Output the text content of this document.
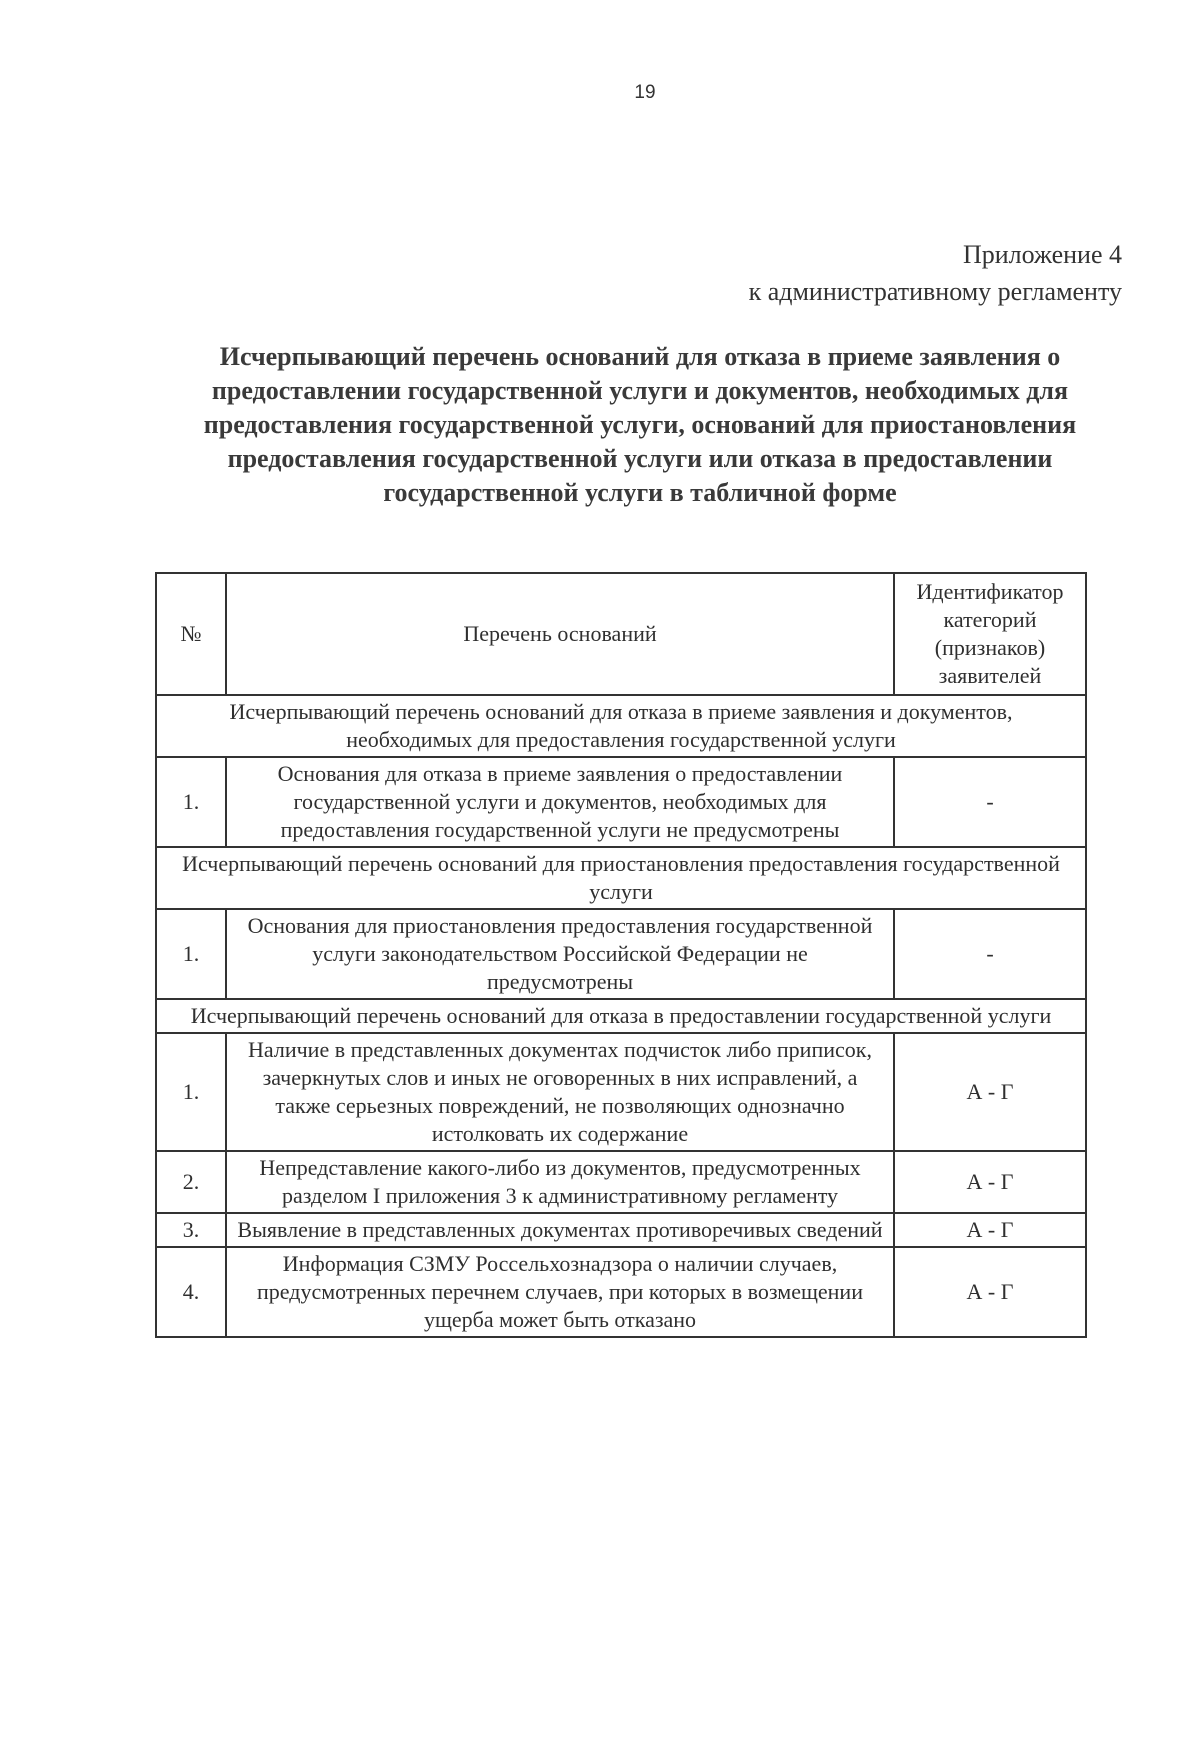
19
Приложение 4
к административному регламенту
Исчерпывающий перечень оснований для отказа в приеме заявления о предоставлении государственной услуги и документов, необходимых для предоставления государственной услуги, оснований для приостановления предоставления государственной услуги или отказа в предоставлении государственной услуги в табличной форме
№	Перечень оснований	Идентификатор категорий (признаков) заявителей
Исчерпывающий перечень оснований для отказа в приеме заявления и документов, необходимых для предоставления государственной услуги		
1.	Основания для отказа в приеме заявления о предоставлении государственной услуги и документов, необходимых для предоставления государственной услуги не предусмотрены	-
Исчерпывающий перечень оснований для приостановления предоставления государственной услуги		
1.	Основания для приостановления предоставления государственной услуги законодательством Российской Федерации не предусмотрены	-
Исчерпывающий перечень оснований для отказа в предоставлении государственной услуги		
1.	Наличие в представленных документах подчисток либо приписок, зачеркнутых слов и иных не оговоренных в них исправлений, а также серьезных повреждений, не позволяющих однозначно истолковать их содержание	А - Г
2.	Непредставление какого-либо из документов, предусмотренных разделом I приложения 3 к административному регламенту	А - Г
3.	Выявление в представленных документах противоречивых сведений	А - Г
4.	Информация СЗМУ Россельхознадзора о наличии случаев, предусмотренных перечнем случаев, при которых в возмещении ущерба может быть отказано	А - Г
